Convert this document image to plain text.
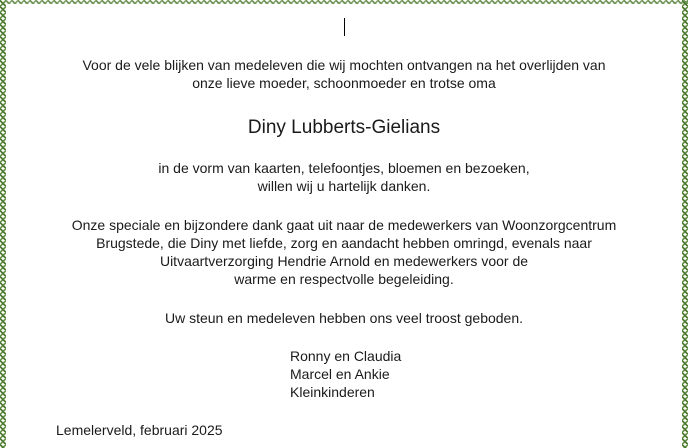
Voor de vele blijken van medeleven die wij mochten ontvangen na het overlijden van
onze lieve moeder, schoonmoeder en trotse oma
Diny Lubberts-Gielians
in de vorm van kaarten, telefoontjes, bloemen en bezoeken,
willen wij u hartelijk danken.
Onze speciale en bijzondere dank gaat uit naar de medewerkers van Woonzorgcentrum
Brugstede, die Diny met liefde, zorg en aandacht hebben omringd, evenals naar
Uitvaartverzorging Hendrie Arnold en medewerkers voor de
warme en respectvolle begeleiding.
Uw steun en medeleven hebben ons veel troost geboden.
Ronny en Claudia
Marcel en Ankie
Kleinkinderen
Lemelerveld, februari 2025
